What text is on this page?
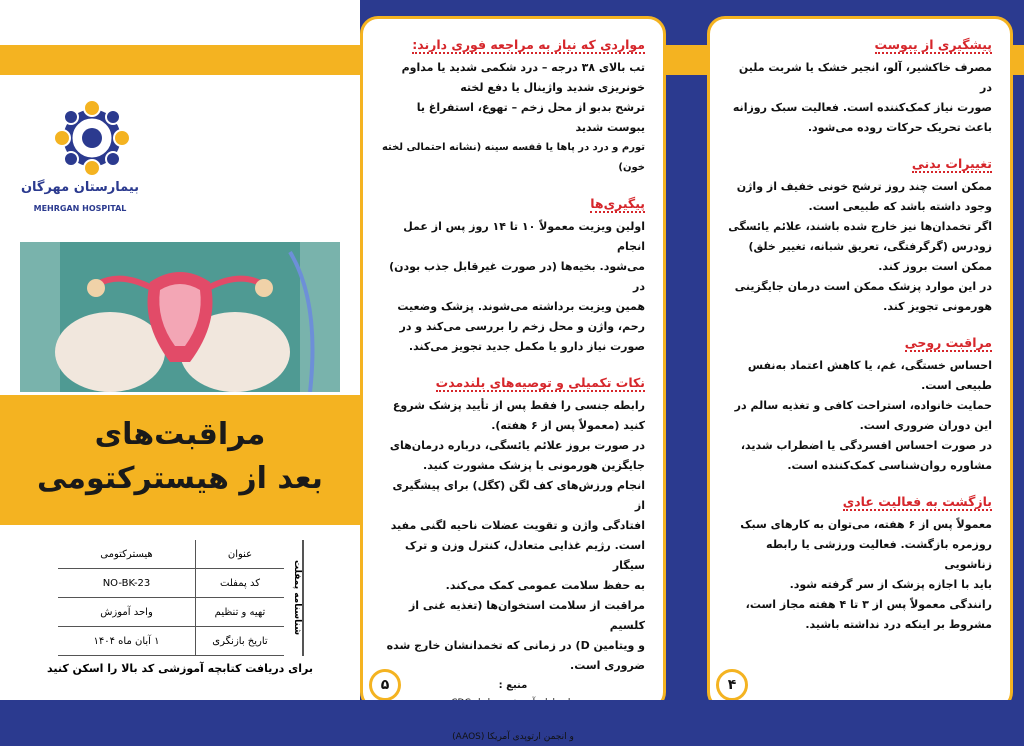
بیمارستان مهرگان
MEHRGAN HOSPITAL
مراقبت‌های
بعد از هیسترکتومی
شناسنامه پمفلت
عنوان	هیسترکتومی
کد پمفلت	NO-BK-23
تهیه و تنظیم	واحد آموزش
تاریخ بازنگری	۱ آبان ماه ۱۴۰۴
برای دریافت کتابچه آموزشی کد بالا را اسکن کنید
مواردی که نیاز به مراجعه فوری دارند:
تب بالای ۳۸ درجه – درد شکمی شدید یا مداوم
خونریزی شدید واژینال یا دفع لخته
ترشح بدبو از محل زخم – تهوع، استفراغ یا یبوست شدید
تورم و درد در پاها یا قفسه سینه (نشانه احتمالی لخته خون)
پیگیری‌ها
اولین ویزیت معمولاً ۱۰ تا ۱۴ روز پس از عمل انجام
می‌شود. بخیه‌ها (در صورت غیرقابل جذب بودن) در
همین ویزیت برداشته می‌شوند. پزشک وضعیت
رحم، واژن و محل زخم را بررسی می‌کند و در
صورت نیاز دارو یا مکمل جدید تجویز می‌کند.
نکات تکمیلی و توصیه‌های بلندمدت
رابطه جنسی را فقط پس از تأیید پزشک شروع
کنید (معمولاً پس از ۶ هفته).
در صورت بروز علائم یائسگی، درباره درمان‌های
جایگزین هورمونی با پزشک مشورت کنید.
انجام ورزش‌های کف لگن (کگل) برای پیشگیری از
افتادگی واژن و تقویت عضلات ناحیه لگنی مفید
است. رژیم غذایی متعادل، کنترل وزن و ترک سیگار
به حفظ سلامت عمومی کمک می‌کند.
مراقبت از سلامت استخوان‌ها (تغذیه غنی از کلسیم
و ویتامین D) در زمانی که تخمدانشان خارج شده
ضروری است.
منبع :
و انجمن ارتوپدی آمریکا (AAOS)
۵
پیشگیری از یبوست
مصرف خاکشیر، آلو، انجیر خشک یا شربت ملین در
صورت نیاز کمک‌کننده است. فعالیت سبک روزانه
باعث تحریک حرکات روده می‌شود.
تغییرات بدنی
ممکن است چند روز ترشح خونی خفیف از واژن
وجود داشته باشد که طبیعی است.
اگر تخمدان‌ها نیز خارج شده باشند، علائم یائسگی
زودرس (گرگرفتگی، تعریق شبانه، تغییر خلق)
ممکن است بروز کند.
در این موارد پزشک ممکن است درمان جایگزینی
هورمونی تجویز کند.
مراقبت روحی
احساس خستگی، غم، یا کاهش اعتماد به‌نفس
طبیعی است.
حمایت خانواده، استراحت کافی و تغذیه سالم در
این دوران ضروری است.
در صورت احساس افسردگی یا اضطراب شدید،
مشاوره روان‌شناسی کمک‌کننده است.
بازگشت به فعالیت عادی
معمولاً پس از ۶ هفته، می‌توان به کارهای سبک
روزمره بازگشت. فعالیت ورزشی یا رابطه زناشویی
باید با اجازه پزشک از سر گرفته شود.
رانندگی معمولاً پس از ۳ تا ۴ هفته مجاز است،
مشروط بر اینکه درد نداشته باشید.
۴
